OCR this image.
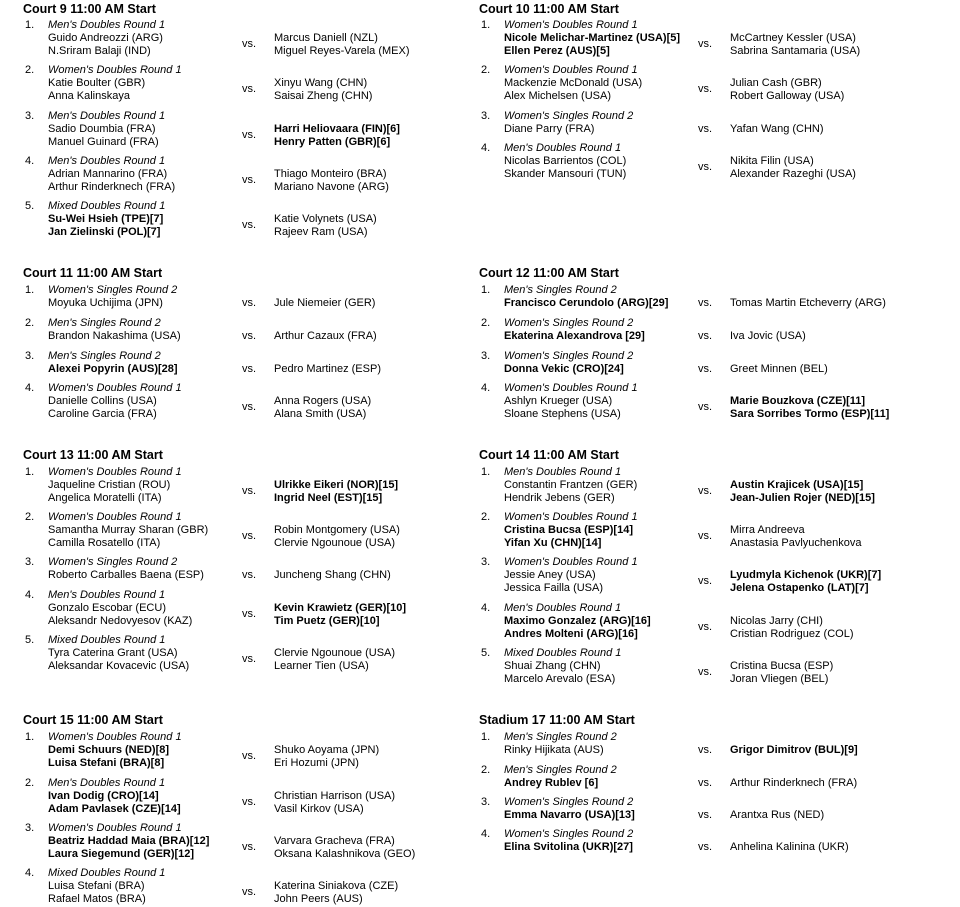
Court 9 11:00 AM Start
1. Men's Doubles Round 1
Guido Andreozzi (ARG)
N.Sriram Balaji (IND)
vs. Marcus Daniell (NZL)
Miguel Reyes-Varela (MEX)
2. Women's Doubles Round 1
Katie Boulter (GBR)
Anna Kalinskaya
vs. Xinyu Wang (CHN)
Saisai Zheng (CHN)
3. Men's Doubles Round 1
Sadio Doumbia (FRA)
Manuel Guinard (FRA)
vs. Harri Heliovaara (FIN)[6]
Henry Patten (GBR)[6]
4. Men's Doubles Round 1
Adrian Mannarino (FRA)
Arthur Rinderknech (FRA)
vs. Thiago Monteiro (BRA)
Mariano Navone (ARG)
5. Mixed Doubles Round 1
Su-Wei Hsieh (TPE)[7]
Jan Zielinski (POL)[7]
vs. Katie Volynets (USA)
Rajeev Ram (USA)
Court 10 11:00 AM Start
1. Women's Doubles Round 1
Nicole Melichar-Martinez (USA)[5]
Ellen Perez (AUS)[5]
vs. McCartney Kessler (USA)
Sabrina Santamaria (USA)
2. Women's Doubles Round 1
Mackenzie McDonald (USA)
Alex Michelsen (USA)
vs. Julian Cash (GBR)
Robert Galloway (USA)
3. Women's Singles Round 2
Diane Parry (FRA)	vs. Yafan Wang (CHN)
4. Men's Doubles Round 1
Nicolas Barrientos (COL)
Skander Mansouri (TUN)
vs. Nikita Filin (USA)
Alexander Razeghi (USA)
Court 11 11:00 AM Start
1. Women's Singles Round 2
Moyuka Uchijima (JPN)	vs. Jule Niemeier (GER)
2. Men's Singles Round 2
Brandon Nakashima (USA)	vs. Arthur Cazaux (FRA)
3. Men's Singles Round 2
Alexei Popyrin (AUS)[28]	vs. Pedro Martinez (ESP)
4. Women's Doubles Round 1
Danielle Collins (USA)
Caroline Garcia (FRA)
vs. Anna Rogers (USA)
Alana Smith (USA)
Court 12 11:00 AM Start
1. Men's Singles Round 2
Francisco Cerundolo (ARG)[29]	vs. Tomas Martin Etcheverry (ARG)
2. Women's Singles Round 2
Ekaterina Alexandrova [29]	vs. Iva Jovic (USA)
3. Women's Singles Round 2
Donna Vekic (CRO)[24]	vs. Greet Minnen (BEL)
4. Women's Doubles Round 1
Ashlyn Krueger (USA)
Sloane Stephens (USA)
vs. Marie Bouzkova (CZE)[11]
Sara Sorribes Tormo (ESP)[11]
Court 13 11:00 AM Start
1. Women's Doubles Round 1
Jaqueline Cristian (ROU)
Angelica Moratelli (ITA)
vs. Ulrikke Eikeri (NOR)[15]
Ingrid Neel (EST)[15]
2. Women's Doubles Round 1
Samantha Murray Sharan (GBR)
Camilla Rosatello (ITA)
vs. Robin Montgomery (USA)
Clervie Ngounoue (USA)
3. Women's Singles Round 2
Roberto Carballes Baena (ESP)	vs. Juncheng Shang (CHN)
4. Men's Doubles Round 1
Gonzalo Escobar (ECU)
Aleksandr Nedovyesov (KAZ)
vs. Kevin Krawietz (GER)[10]
Tim Puetz (GER)[10]
5. Mixed Doubles Round 1
Tyra Caterina Grant (USA)
Aleksandar Kovacevic (USA)
vs. Clervie Ngounoue (USA)
Learner Tien (USA)
Court 14 11:00 AM Start
1. Men's Doubles Round 1
Constantin Frantzen (GER)
Hendrik Jebens (GER)
vs. Austin Krajicek (USA)[15]
Jean-Julien Rojer (NED)[15]
2. Women's Doubles Round 1
Cristina Bucsa (ESP)[14]
Yifan Xu (CHN)[14]
vs. Mirra Andreeva
Anastasia Pavlyuchenkova
3. Women's Doubles Round 1
Jessie Aney (USA)
Jessica Failla (USA)
vs. Lyudmyla Kichenok (UKR)[7]
Jelena Ostapenko (LAT)[7]
4. Men's Doubles Round 1
Maximo Gonzalez (ARG)[16]
Andres Molteni (ARG)[16]
vs. Nicolas Jarry (CHI)
Cristian Rodriguez (COL)
5. Mixed Doubles Round 1
Shuai Zhang (CHN)
Marcelo Arevalo (ESA)
vs. Cristina Bucsa (ESP)
Joran Vliegen (BEL)
Court 15 11:00 AM Start
1. Women's Doubles Round 1
Demi Schuurs (NED)[8]
Luisa Stefani (BRA)[8]
vs. Shuko Aoyama (JPN)
Eri Hozumi (JPN)
2. Men's Doubles Round 1
Ivan Dodig (CRO)[14]
Adam Pavlasek (CZE)[14]
vs. Christian Harrison (USA)
Vasil Kirkov (USA)
3. Women's Doubles Round 1
Beatriz Haddad Maia (BRA)[12]
Laura Siegemund (GER)[12]
vs. Varvara Gracheva (FRA)
Oksana Kalashnikova (GEO)
4. Mixed Doubles Round 1
Luisa Stefani (BRA)
Rafael Matos (BRA)
vs. Katerina Siniakova (CZE)
John Peers (AUS)
Stadium 17 11:00 AM Start
1. Men's Singles Round 2
Rinky Hijikata (AUS)	vs. Grigor Dimitrov (BUL)[9]
2. Men's Singles Round 2
Andrey Rublev [6]	vs. Arthur Rinderknech (FRA)
3. Women's Singles Round 2
Emma Navarro (USA)[13]	vs. Arantxa Rus (NED)
4. Women's Singles Round 2
Elina Svitolina (UKR)[27]	vs. Anhelina Kalinina (UKR)
